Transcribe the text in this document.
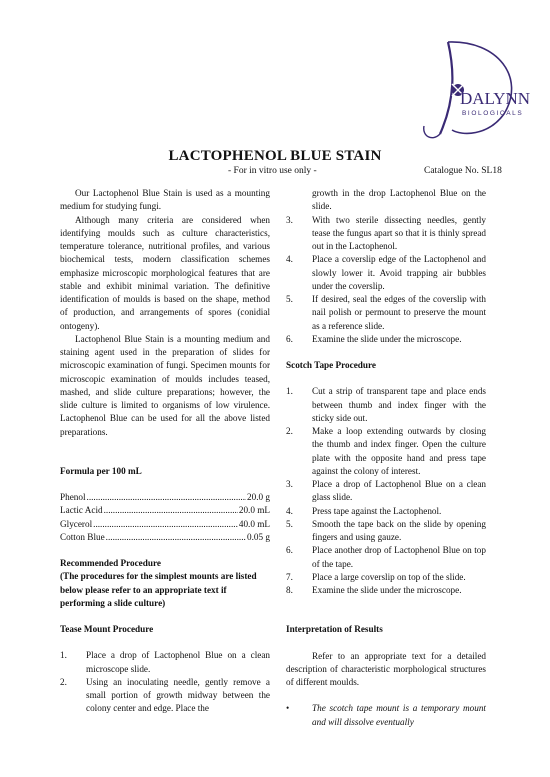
DALYNN
BIOLOGICALS
LACTOPHENOL BLUE STAIN
- For in vitro use only -	Catalogue No. SL18

Our Lactophenol Blue Stain is used as a mounting medium for studying fungi.

Although many criteria are considered when identifying moulds such as culture characteristics, temperature tolerance, nutritional profiles, and various biochemical tests, modern classification schemes emphasize microscopic morphological features that are stable and exhibit minimal variation. The definitive identification of moulds is based on the shape, method of production, and arrangements of spores (conidial ontogeny).

Lactophenol Blue Stain is a mounting medium and staining agent used in the preparation of slides for microscopic examination of fungi. Specimen mounts for microscopic examination of moulds includes teased, mashed, and slide culture preparations; however, the slide culture is limited to organisms of low virulence. Lactophenol Blue can be used for all the above listed preparations.

Formula per 100 mL
Phenol .....	20.0 g
Lactic Acid .....	20.0 mL
Glycerol .....	40.0 mL
Cotton Blue .....	0.05 g
Recommended Procedure

(The procedures for the simplest mounts are listed below please refer to an appropriate text if performing a slide culture)

Tease Mount Procedure
1. Place a drop of Lactophenol Blue on a clean microscope slide.
2. Using an inoculating needle, gently remove a small portion of growth midway between the colony center and edge. Place the

growth in the drop Lactophenol Blue on the slide.

3. With two sterile dissecting needles, gently tease the fungus apart so that it is thinly spread out in the Lactophenol.
4. Place a coverslip edge of the Lactophenol and slowly lower it. Avoid trapping air bubbles under the coverslip.
5. If desired, seal the edges of the coverslip with nail polish or permount to preserve the mount as a reference slide.
6. Examine the slide under the microscope.
Scotch Tape Procedure
1. Cut a strip of transparent tape and place ends between thumb and index finger with the sticky side out.
2. Make a loop extending outwards by closing the thumb and index finger. Open the culture plate with the opposite hand and press tape against the colony of interest.
3. Place a drop of Lactophenol Blue on a clean glass slide.
4. Press tape against the Lactophenol.
5. Smooth the tape back on the slide by opening fingers and using gauze.
6. Place another drop of Lactophenol Blue on top of the tape.
7. Place a large coverslip on top of the slide.
8. Examine the slide under the microscope.
Interpretation of Results

Refer to an appropriate text for a detailed description of characteristic morphological structures of different moulds.

• The scotch tape mount is a temporary mount and will dissolve eventually
